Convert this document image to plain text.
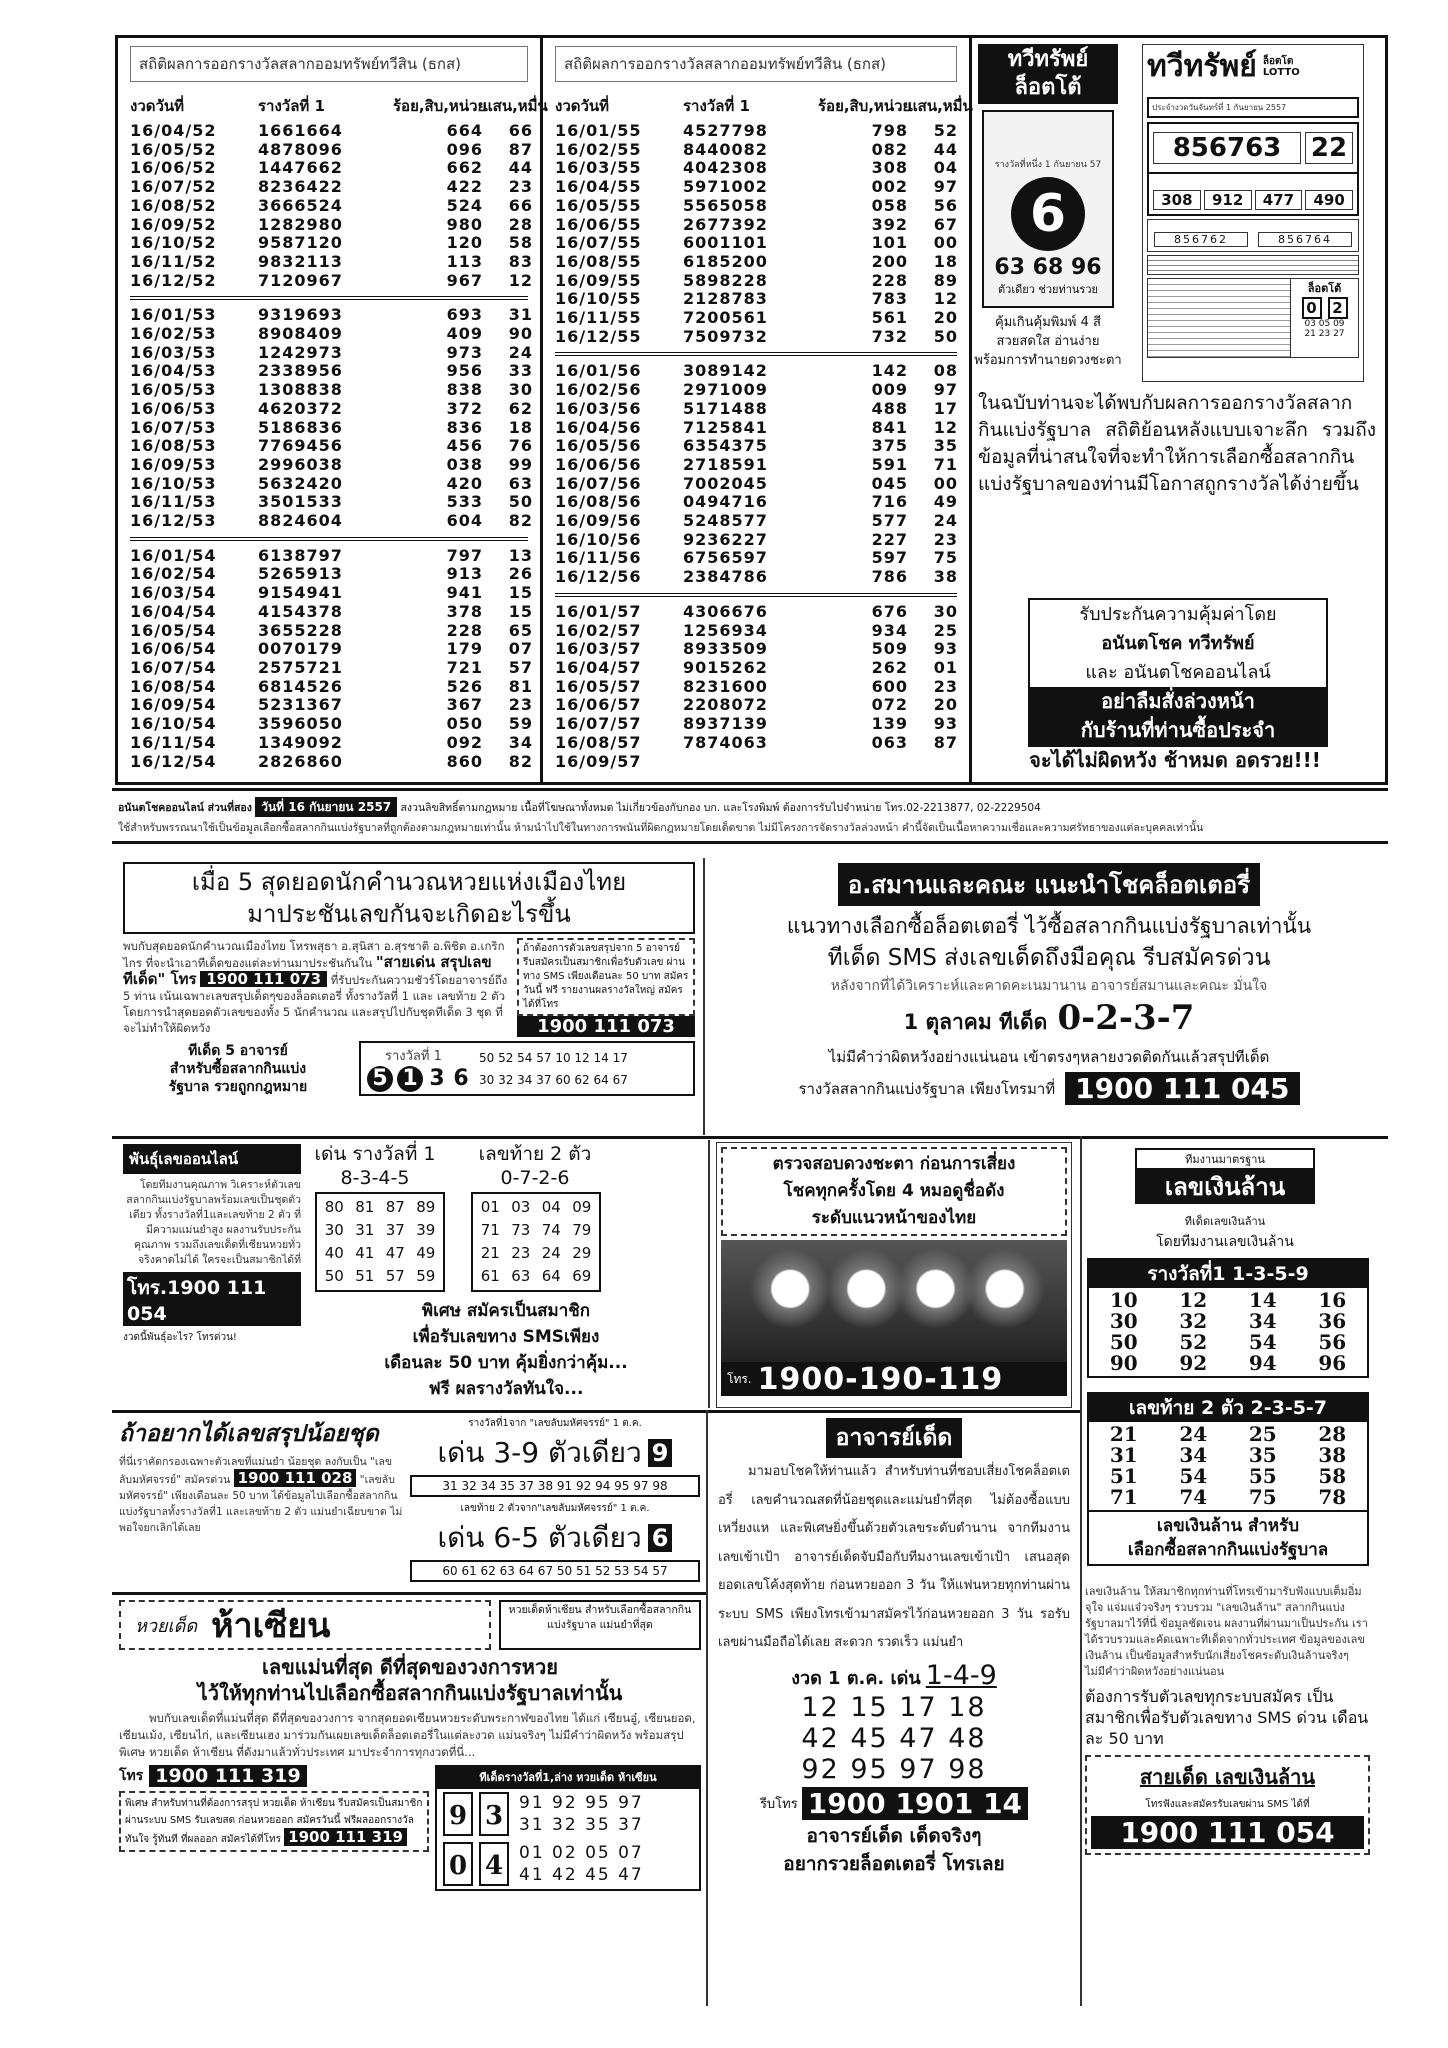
สถิติผลการออกรางวัลสลากออมทรัพย์ทวีสิน (ธกส)
งวดวันที่	รางวัลที่ 1	ร้อย,สิบ,หน่วย
แสน,หมื่น
16/04/52	1661664	664	66
16/05/52	4878096	096	87
16/06/52	1447662	662	44
16/07/52	8236422	422	23
16/08/52	3666524	524	66
16/09/52	1282980	980	28
16/10/52	9587120	120	58
16/11/52	9832113	113	83
16/12/52	7120967	967	12
16/01/53	9319693	693	31
16/02/53	8908409	409	90
16/03/53	1242973	973	24
16/04/53	2338956	956	33
16/05/53	1308838	838	30
16/06/53	4620372	372	62
16/07/53	5186836	836	18
16/08/53	7769456	456	76
16/09/53	2996038	038	99
16/10/53	5632420	420	63
16/11/53	3501533	533	50
16/12/53	8824604	604	82
16/01/54	6138797	797	13
16/02/54	5265913	913	26
16/03/54	9154941	941	15
16/04/54	4154378	378	15
16/05/54	3655228	228	65
16/06/54	0070179	179	07
16/07/54	2575721	721	57
16/08/54	6814526	526	81
16/09/54	5231367	367	23
16/10/54	3596050	050	59
16/11/54	1349092	092	34
16/12/54	2826860	860	82
สถิติผลการออกรางวัลสลากออมทรัพย์ทวีสิน (ธกส)
งวดวันที่	รางวัลที่ 1	ร้อย,สิบ,หน่วย
แสน,หมื่น
16/01/55	4527798	798	52
16/02/55	8440082	082	44
16/03/55	4042308	308	04
16/04/55	5971002	002	97
16/05/55	5565058	058	56
16/06/55	2677392	392	67
16/07/55	6001101	101	00
16/08/55	6185200	200	18
16/09/55	5898228	228	89
16/10/55	2128783	783	12
16/11/55	7200561	561	20
16/12/55	7509732	732	50
16/01/56	3089142	142	08
16/02/56	2971009	009	97
16/03/56	5171488	488	17
16/04/56	7125841	841	12
16/05/56	6354375	375	35
16/06/56	2718591	591	71
16/07/56	7002045	045	00
16/08/56	0494716	716	49
16/09/56	5248577	577	24
16/10/56	9236227	227	23
16/11/56	6756597	597	75
16/12/56	2384786	786	38
16/01/57	4306676	676	30
16/02/57	1256934	934	25
16/03/57	8933509	509	93
16/04/57	9015262	262	01
16/05/57	8231600	600	23
16/06/57	2208072	072	20
16/07/57	8937139	139	93
16/08/57	7874063	063	87
16/09/57
ทวีทรัพย์
ล็อตโต้
รางวัลที่หนึ่ง 1 กันยายน 57
6
63 68 96
ตัวเดียว ช่วยท่านรวย
คุ้มเกินคุ้มพิมพ์ 4 สี
สวยสดใส อ่านง่าย
พร้อมการทำนายดวงชะตา
ทวีทรัพย์ ล็อตโต LOTTO
ประจำงวดวันจันทร์ที่ 1 กันยายน 2557
856763	22
308	912	477	490
856762	856764
ล็อตโต้
0	2
03 05 09
21 23 27
ในฉบับท่านจะได้พบกับผลการออกรางวัลสลากกินแบ่งรัฐบาล สถิติย้อนหลังแบบเจาะลึก รวมถึงข้อมูลที่น่าสนใจที่จะทำให้การเลือกซื้อสลากกินแบ่งรัฐบาลของท่านมีโอกาสถูกรางวัลได้ง่ายขึ้น
รับประกันความคุ้มค่าโดย
อนันตโชค ทวีทรัพย์
และ อนันตโชคออนไลน์
อย่าลืมสั่งล่วงหน้า
กับร้านที่ท่านซื้อประจำ
จะได้ไม่ผิดหวัง ช้าหมด อดรวย!!!
อนันตโชคออนไลน์ ส่วนที่สอง วันที่ 16 กันยายน 2557 สงวนลิขสิทธิ์ตามกฎหมาย เนื้อที่โฆษณาทั้งหมด ไม่เกี่ยวข้องกับกอง บก. และโรงพิมพ์ ต้องการรับไปจำหน่าย โทร.02-2213877, 02-2229504
ใช้สำหรับพรรณนาใช้เป็นข้อมูลเลือกซื้อสลากกินแบ่งรัฐบาลที่ถูกต้องตามกฎหมายเท่านั้น ห้ามนำไปใช้ในทางการพนันที่ผิดกฎหมายโดยเด็ดขาด ไม่มีโครงการจัดรางวัลล่วงหน้า คำนี้จัดเป็นเนื้อหาความเชื่อและความศรัทธาของแต่ละบุคคลเท่านั้น
เมื่อ 5 สุดยอดนักคำนวณหวยแห่งเมืองไทย
มาประชันเลขกันจะเกิดอะไรขึ้น
พบกับสุดยอดนักคำนวณเมืองไทย โหรพสุธา อ.สุนิสา อ.สุรชาติ อ.พิชิต อ.เกริกไกร ที่จะนำเอาทีเด็ดของแต่ละท่านมาประชันกันใน "สายเด่น สรุปเลขทีเด็ด" โทร 1900 111 073 ที่รับประกันความชัวร์โดยอาจารย์ถึง 5 ท่าน เน้นเฉพาะเลขสรุปเด็ดๆของล็อตเตอรี่ ทั้งรางวัลที่ 1 และ เลขท้าย 2 ตัว โดยการนำสุดยอดตัวเลขของทั้ง 5 นักคำนวณ และสรุปไปกับชุดทีเด็ด 3 ชุด ที่จะไม่ทำให้ผิดหวัง
ถ้าต้องการตัวเลขสรุปจาก 5 อาจารย์ รีบสมัครเป็นสมาชิกเพื่อรับตัวเลข ผ่านทาง SMS เพียงเดือนละ 50 บาท สมัครวันนี้ ฟรี รายงานผลรางวัลใหญ่ สมัครได้ที่โทร
1900 111 073
ทีเด็ด 5 อาจารย์
สำหรับซื้อสลากกินแบ่ง
รัฐบาล รวยถูกกฎหมาย
รางวัลที่ 1
5 1 3 6
50 52 54 57 10 12 14 17
30 32 34 37 60 62 64 67
อ.สมานและคณะ แนะนำโชคล็อตเตอรี่
แนวทางเลือกซื้อล็อตเตอรี่ ไว้ซื้อสลากกินแบ่งรัฐบาลเท่านั้น
ทีเด็ด SMS ส่งเลขเด็ดถึงมือคุณ รีบสมัครด่วน
หลังจากที่ได้วิเคราะห์และคาดคะเนมานาน อาจารย์สมานและคณะ มั่นใจ
1 ตุลาคม ทีเด็ด 0-2-3-7
ไม่มีคำว่าผิดหวังอย่างแน่นอน เข้าตรงๆหลายงวดติดกันแล้วสรุปทีเด็ด
รางวัลสลากกินแบ่งรัฐบาล เพียงโทรมาที่ 1900 111 045
พันธุ์เลขออนไลน์
โดยทีมงานคุณภาพ วิเคราะห์ตัวเลขสลากกินแบ่งรัฐบาลพร้อมเลขเป็นชุดตัวเดียว ทั้งรางวัลที่1และเลขท้าย 2 ตัว ที่มีความแม่นยำสูง ผลงานรับประกันคุณภาพ รวมถึงเลขเด็ดที่เซียนหวยทั่วจริงคาดไม่ได้ ใครจะเป็นสมาชิกได้ที่
โทร.1900 111 054
งวดนี้พันธุ์อะไร? โทรด่วน!
เด่น รางวัลที่ 1
8-3-4-5
80 81 87 89
30 31 37 39
40 41 47 49
50 51 57 59
เลขท้าย 2 ตัว
0-7-2-6
01 03 04 09
71 73 74 79
21 23 24 29
61 63 64 69
พิเศษ สมัครเป็นสมาชิก
เพื่อรับเลขทาง SMSเพียง
เดือนละ 50 บาท คุ้มยิ่งกว่าคุ้ม...
ฟรี ผลรางวัลทันใจ...
ตรวจสอบดวงชะตา ก่อนการเสี่ยง
โชคทุกครั้งโดย 4 หมอดูชื่อดัง
ระดับแนวหน้าของไทย
โทร. 1900-190-119
ทีมงานมาตรฐาน
เลขเงินล้าน
ทีเด็ดเลขเงินล้าน
โดยทีมงานเลขเงินล้าน
รางวัลที่1 1-3-5-9
10	12	14	16
30	32	34	36
50	52	54	56
90	92	94	96
เลขท้าย 2 ตัว 2-3-5-7
21	24	25	28
31	34	35	38
51	54	55	58
71	74	75	78
เลขเงินล้าน สำหรับ
เลือกซื้อสลากกินแบ่งรัฐบาล
เลขเงินล้าน ให้สมาชิกทุกท่านที่โทรเข้ามารับฟังแบบเต็มอิ่ม จุใจ แจ่มแจ๋วจริงๆ รวบรวม "เลขเงินล้าน" สลากกินแบ่งรัฐบาลมาไว้ที่นี่ ข้อมูลชัดเจน ผลงานที่ผ่านมาเป็นประกัน เราได้รวบรวมและคัดเฉพาะทีเด็ดจากทั่วประเทศ ข้อมูลของเลข เงินล้าน เป็นข้อมูลสำหรับนักเสี่ยงโชคระดับเงินล้านจริงๆ ไม่มีคำว่าผิดหวังอย่างแน่นอน
ต้องการรับตัวเลขทุกระบบสมัคร เป็นสมาชิกเพื่อรับตัวเลขทาง SMS ด่วน เดือนละ 50 บาท
สายเด็ด เลขเงินล้าน
โทรฟังและสมัครรับเลขผ่าน SMS ได้ที่
1900 111 054
ถ้าอยากได้เลขสรุปน้อยชุด
ที่นี่เราคัดกรองเฉพาะตัวเลขที่แม่นยำ น้อยชุด ลงกับเป็น "เลขลับมหัศจรรย์" สมัครด่วน 1900 111 028 "เลขลับมหัศจรรย์" เพียงเดือนละ 50 บาท ได้ข้อมูลไปเลือกซื้อสลากกินแบ่งรัฐบาลทั้งรางวัลที่1 และเลขท้าย 2 ตัว แม่นยำเฉียบขาด ไม่พอใจยกเลิกได้เลย
รางวัลที่1จาก "เลขลับมหัศจรรย์" 1 ต.ค.
เด่น 3-9 ตัวเดียว 9
31 32 34 35 37 38 91 92 94 95 97 98
เลขท้าย 2 ตัวจาก"เลขลับมหัศจรรย์" 1 ต.ค.
เด่น 6-5 ตัวเดียว 6
60 61 62 63 64 67 50 51 52 53 54 57
หวยเด็ด ห้าเซียน	หวยเด็ดห้าเซียน สำหรับเลือกซื้อสลากกินแบ่งรัฐบาล แม่นยำที่สุด
เลขแม่นที่สุด ดีที่สุดของวงการหวย
ไว้ให้ทุกท่านไปเลือกซื้อสลากกินแบ่งรัฐบาลเท่านั้น
พบกับเลขเด็ดที่แม่นที่สุด ดีที่สุดของวงการ จากสุดยอดเซียนหวยระดับพระกาฬของไทย ได้แก่ เซียนอู๋, เซียนยอด, เซียนเม้ง, เซียนไก่, และเซียนเฮง มาร่วมกันเผยเลขเด็ดล็อตเตอรี่ในแต่ละงวด แม่นจริงๆ ไม่มีคำว่าผิดหวัง พร้อมสรุปพิเศษ หวยเด็ด ห้าเซียน ที่ดังมาแล้วทั่วประเทศ มาประจำการทุกงวดที่นี่...
โทร 1900 111 319
พิเศษ สำหรับท่านที่ต้องการสรุป หวยเด็ด ห้าเซียน รีบสมัครเป็นสมาชิกผ่านระบบ SMS รับเลขสด ก่อนหวยออก สมัครวันนี้ ฟรีผลออกรางวัลทันใจ รู้ทันที ที่ผลออก สมัครได้ที่โทร 1900 111 319
ทีเด็ดรางวัลที่1,ล่าง หวยเด็ด ห้าเซียน
9 3 91 92 95 97
31 32 35 37
0 4 01 02 05 07
41 42 45 47
อาจารย์เด็ด
มามอบโชคให้ท่านแล้ว สำหรับท่านที่ชอบเสี่ยงโชคล็อตเตอรี่ เลขคำนวณสดที่น้อยชุดและแม่นยำที่สุด ไม่ต้องซื้อแบบเหวี่ยงแห และพิเศษยิ่งขึ้นด้วยตัวเลขระดับตำนาน จากทีมงานเลขเข้าเป้า อาจารย์เด็ดจับมือกับทีมงานเลขเข้าเป้า เสนอสุดยอดเลขโค้งสุดท้าย ก่อนหวยออก 3 วัน ให้แฟนหวยทุกท่านผ่านระบบ SMS เพียงโทรเข้ามาสมัครไว้ก่อนหวยออก 3 วัน รอรับเลขผ่านมือถือได้เลย สะดวก รวดเร็ว แม่นยำ
งวด 1 ต.ค. เด่น 1-4-9
12 15 17 18
42 45 47 48
92 95 97 98
รีบโทร 1900 1901 14
อาจารย์เด็ด เด็ดจริงๆ
อยากรวยล็อตเตอรี่ โทรเลย
